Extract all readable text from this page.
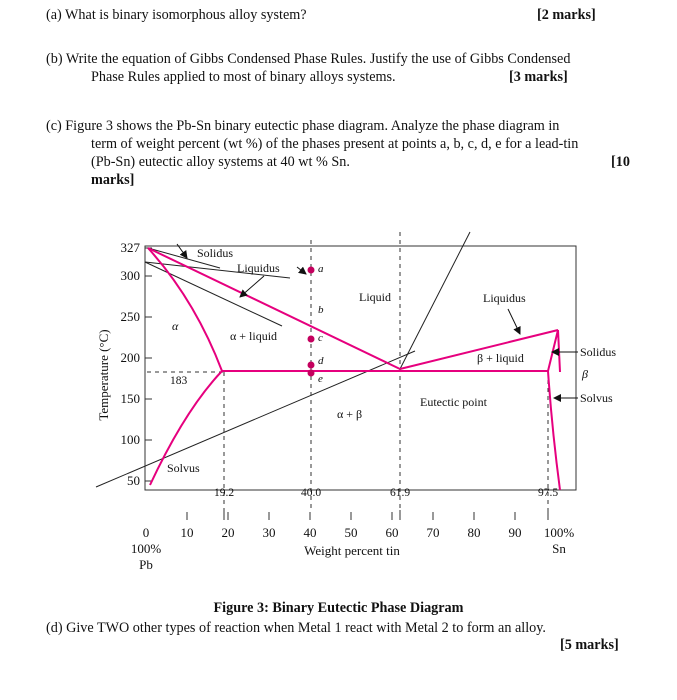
(a) What is binary isomorphous alloy system?	[2 marks]
(b) Write the equation of Gibbs Condensed Phase Rules. Justify the use of Gibbs Condensed
Phase Rules applied to most of binary alloys systems.	[3 marks]
(c) Figure 3 shows the Pb-Sn binary eutectic phase diagram. Analyze the phase diagram in
term of weight percent (wt %) of the phases present at points a, b, c, d, e for a lead-tin
(Pb-Sn) eutectic alloy systems at 40 wt % Sn.	[10
marks]
327
300
250
200
150
100
50
Temperature (°C)
0 10 20 30 40 50 60 70 80 90 100%
100%
Pb
Sn
Weight percent tin
19.2	40.0	61.9	97.5
183
Solidus
Liquidus
Liquid	Liquidus
α
α + liquid
β + liquid
α + β
Eutectic point
Solvus
Solidus
β
Solvus
a
b
c
d
e
Figure 3: Binary Eutectic Phase Diagram
(d) Give TWO other types of reaction when Metal 1 react with Metal 2 to form an alloy.
[5 marks]
